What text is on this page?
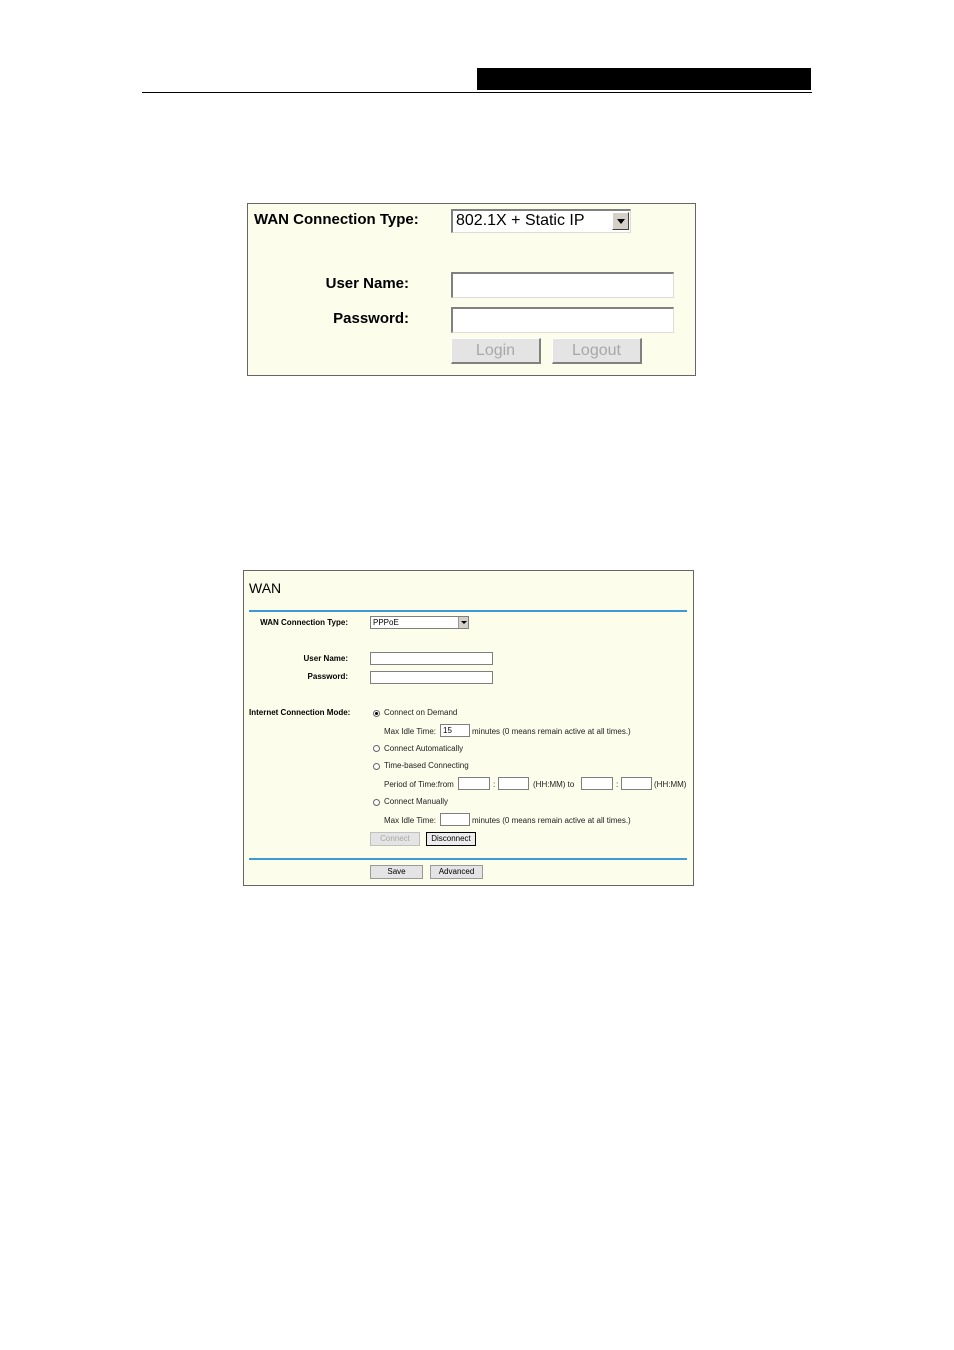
WAN Connection Type:	802.1X + Static IP
User Name:
Password:
Login	Logout
WAN
WAN Connection Type:	PPPoE
User Name:
Password:
Internet Connection Mode:	Connect on Demand
Max Idle Time: 15	minutes (0 means remain active at all times.)
Connect Automatically
Time-based Connecting
Period of Time:from	:	(HH:MM) to	:	(HH:MM)
Connect Manually
Max Idle Time:	minutes (0 means remain active at all times.)
Connect	Disconnect
Save	Advanced
